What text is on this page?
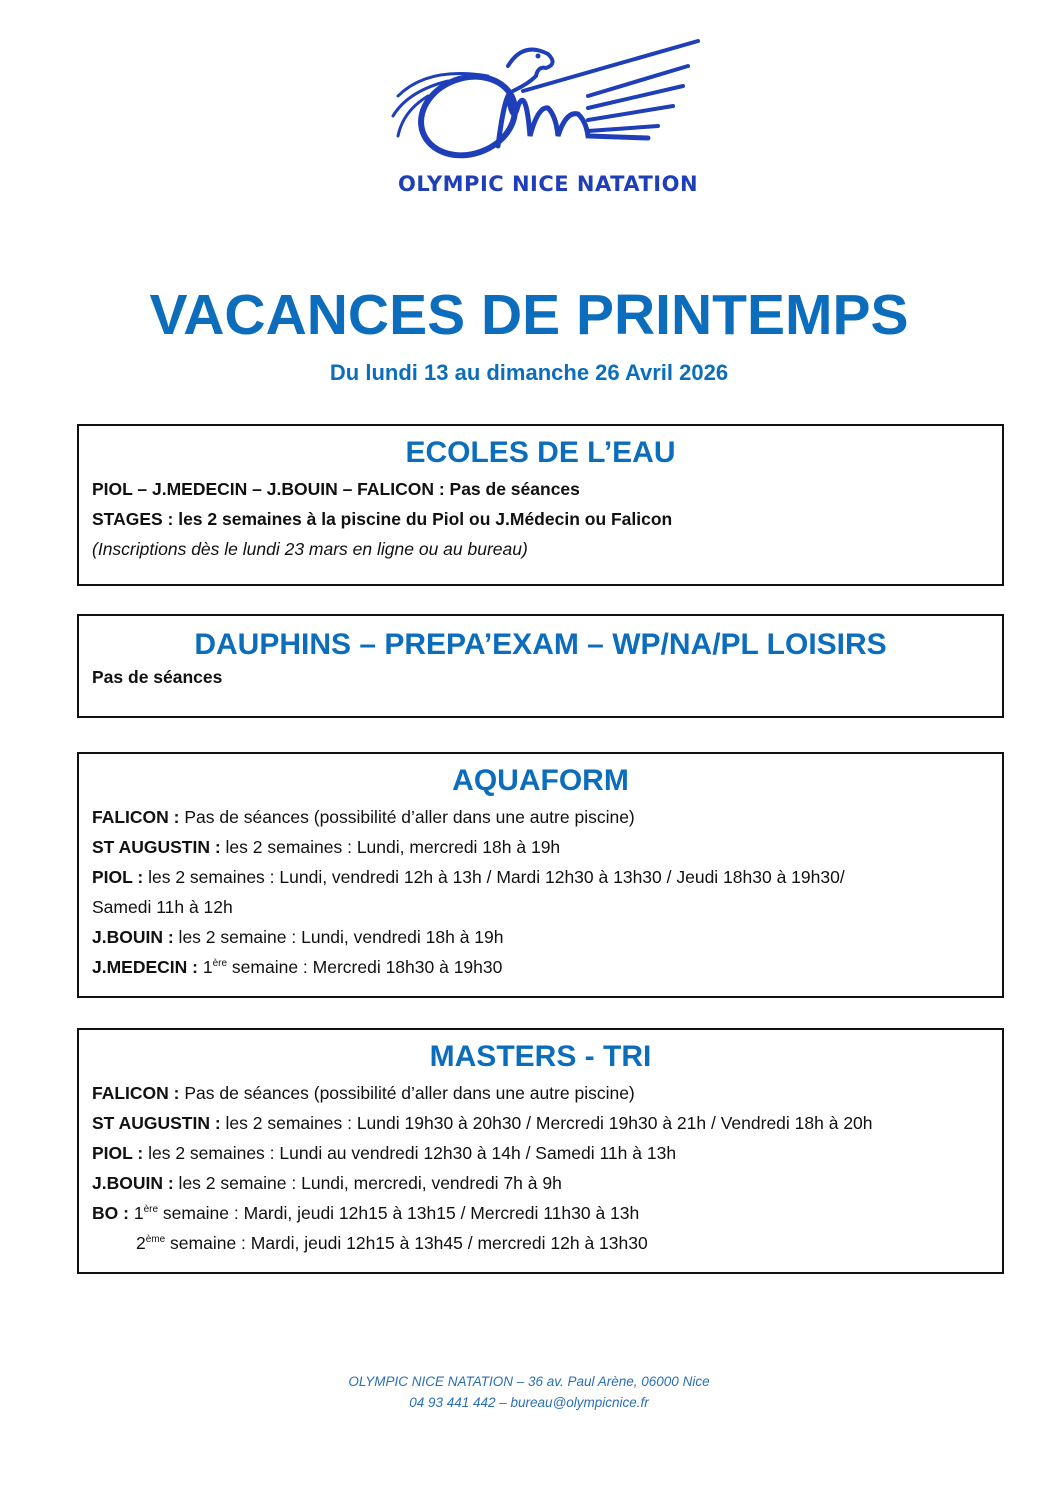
OLYMPIC NICE NATATION
VACANCES DE PRINTEMPS
Du lundi 13 au dimanche 26 Avril 2026
ECOLES DE L’EAU
PIOL – J.MEDECIN – J.BOUIN – FALICON : Pas de séances
STAGES : les 2 semaines à la piscine du Piol ou J.Médecin ou Falicon
(Inscriptions dès le lundi 23 mars en ligne ou au bureau)
DAUPHINS – PREPA’EXAM – WP/NA/PL LOISIRS
Pas de séances
AQUAFORM
FALICON : Pas de séances (possibilité d’aller dans une autre piscine)
ST AUGUSTIN : les 2 semaines : Lundi, mercredi 18h à 19h
PIOL : les 2 semaines : Lundi, vendredi 12h à 13h / Mardi 12h30 à 13h30 / Jeudi 18h30 à 19h30/
Samedi 11h à 12h
J.BOUIN : les 2 semaine : Lundi, vendredi 18h à 19h
J.MEDECIN : 1ère semaine : Mercredi 18h30 à 19h30
MASTERS - TRI
FALICON : Pas de séances (possibilité d’aller dans une autre piscine)
ST AUGUSTIN : les 2 semaines : Lundi 19h30 à 20h30 / Mercredi 19h30 à 21h / Vendredi 18h à 20h
PIOL : les 2 semaines : Lundi au vendredi 12h30 à 14h / Samedi 11h à 13h
J.BOUIN : les 2 semaine : Lundi, mercredi, vendredi 7h à 9h
BO : 1ère semaine : Mardi, jeudi 12h15 à 13h15 / Mercredi 11h30 à 13h
2ème semaine : Mardi, jeudi 12h15 à 13h45 / mercredi 12h à 13h30
OLYMPIC NICE NATATION – 36 av. Paul Arène, 06000 Nice
04 93 441 442 – bureau@olympicnice.fr
